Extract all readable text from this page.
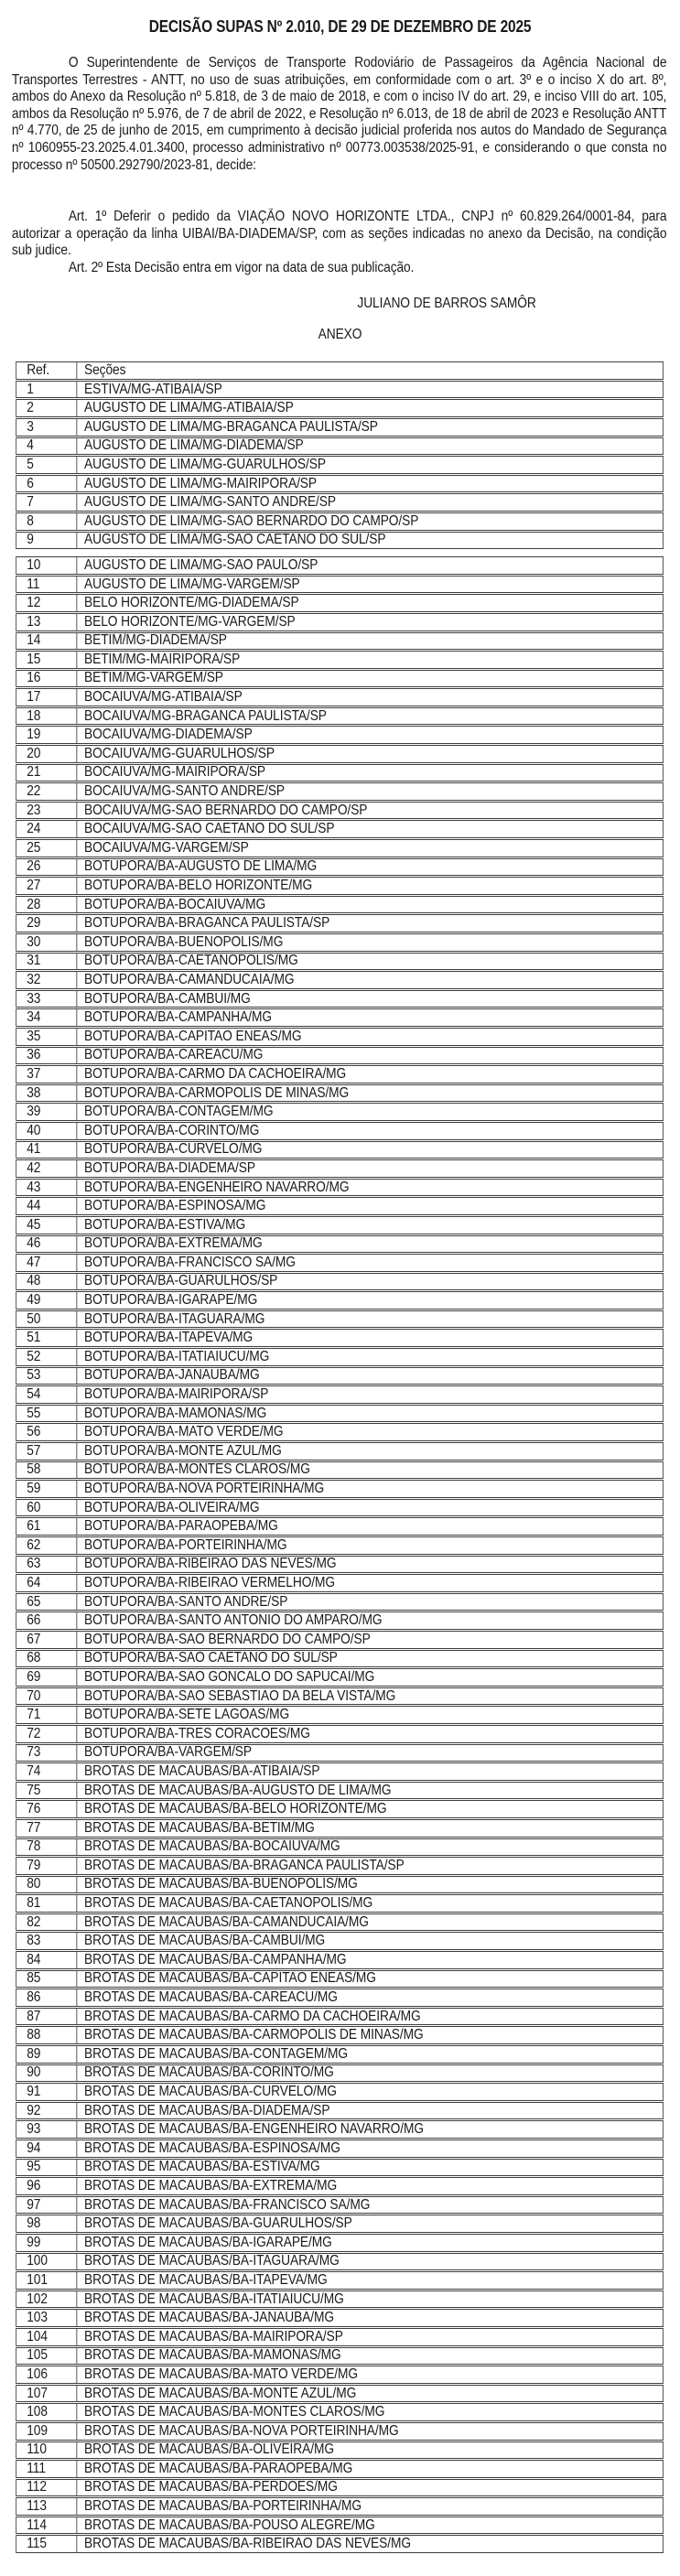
DECISÃO SUPAS Nº 2.010, DE 29 DE DEZEMBRO DE 2025
O Superintendente de Serviços de Transporte Rodoviário de Passageiros da Agência Nacional de Transportes Terrestres - ANTT, no uso de suas atribuições, em conformidade com o art. 3º e o inciso X do art. 8º, ambos do Anexo da Resolução nº 5.818, de 3 de maio de 2018, e com o inciso IV do art. 29, e inciso VIII do art. 105, ambos da Resolução nº 5.976, de 7 de abril de 2022, e Resolução nº 6.013, de 18 de abril de 2023 e Resolução ANTT nº 4.770, de 25 de junho de 2015, em cumprimento à decisão judicial proferida nos autos do Mandado de Segurança nº 1060955-23.2025.4.01.3400, processo administrativo nº 00773.003538/2025-91, e considerando o que consta no processo nº 50500.292790/2023-81, decide:
Art. 1º Deferir o pedido da VIAÇÃO NOVO HORIZONTE LTDA., CNPJ nº 60.829.264/0001-84, para autorizar a operação da linha UIBAI/BA-DIADEMA/SP, com as seções indicadas no anexo da Decisão, na condição sub judice.
Art. 2º Esta Decisão entra em vigor na data de sua publicação.
JULIANO DE BARROS SAMÔR
ANEXO
Ref.	Seções
1	ESTIVA/MG-ATIBAIA/SP
2	AUGUSTO DE LIMA/MG-ATIBAIA/SP
3	AUGUSTO DE LIMA/MG-BRAGANCA PAULISTA/SP
4	AUGUSTO DE LIMA/MG-DIADEMA/SP
5	AUGUSTO DE LIMA/MG-GUARULHOS/SP
6	AUGUSTO DE LIMA/MG-MAIRIPORA/SP
7	AUGUSTO DE LIMA/MG-SANTO ANDRE/SP
8	AUGUSTO DE LIMA/MG-SAO BERNARDO DO CAMPO/SP
9	AUGUSTO DE LIMA/MG-SAO CAETANO DO SUL/SP
10	AUGUSTO DE LIMA/MG-SAO PAULO/SP
11	AUGUSTO DE LIMA/MG-VARGEM/SP
12	BELO HORIZONTE/MG-DIADEMA/SP
13	BELO HORIZONTE/MG-VARGEM/SP
14	BETIM/MG-DIADEMA/SP
15	BETIM/MG-MAIRIPORA/SP
16	BETIM/MG-VARGEM/SP
17	BOCAIUVA/MG-ATIBAIA/SP
18	BOCAIUVA/MG-BRAGANCA PAULISTA/SP
19	BOCAIUVA/MG-DIADEMA/SP
20	BOCAIUVA/MG-GUARULHOS/SP
21	BOCAIUVA/MG-MAIRIPORA/SP
22	BOCAIUVA/MG-SANTO ANDRE/SP
23	BOCAIUVA/MG-SAO BERNARDO DO CAMPO/SP
24	BOCAIUVA/MG-SAO CAETANO DO SUL/SP
25	BOCAIUVA/MG-VARGEM/SP
26	BOTUPORA/BA-AUGUSTO DE LIMA/MG
27	BOTUPORA/BA-BELO HORIZONTE/MG
28	BOTUPORA/BA-BOCAIUVA/MG
29	BOTUPORA/BA-BRAGANCA PAULISTA/SP
30	BOTUPORA/BA-BUENOPOLIS/MG
31	BOTUPORA/BA-CAETANOPOLIS/MG
32	BOTUPORA/BA-CAMANDUCAIA/MG
33	BOTUPORA/BA-CAMBUI/MG
34	BOTUPORA/BA-CAMPANHA/MG
35	BOTUPORA/BA-CAPITAO ENEAS/MG
36	BOTUPORA/BA-CAREACU/MG
37	BOTUPORA/BA-CARMO DA CACHOEIRA/MG
38	BOTUPORA/BA-CARMOPOLIS DE MINAS/MG
39	BOTUPORA/BA-CONTAGEM/MG
40	BOTUPORA/BA-CORINTO/MG
41	BOTUPORA/BA-CURVELO/MG
42	BOTUPORA/BA-DIADEMA/SP
43	BOTUPORA/BA-ENGENHEIRO NAVARRO/MG
44	BOTUPORA/BA-ESPINOSA/MG
45	BOTUPORA/BA-ESTIVA/MG
46	BOTUPORA/BA-EXTREMA/MG
47	BOTUPORA/BA-FRANCISCO SA/MG
48	BOTUPORA/BA-GUARULHOS/SP
49	BOTUPORA/BA-IGARAPE/MG
50	BOTUPORA/BA-ITAGUARA/MG
51	BOTUPORA/BA-ITAPEVA/MG
52	BOTUPORA/BA-ITATIAIUCU/MG
53	BOTUPORA/BA-JANAUBA/MG
54	BOTUPORA/BA-MAIRIPORA/SP
55	BOTUPORA/BA-MAMONAS/MG
56	BOTUPORA/BA-MATO VERDE/MG
57	BOTUPORA/BA-MONTE AZUL/MG
58	BOTUPORA/BA-MONTES CLAROS/MG
59	BOTUPORA/BA-NOVA PORTEIRINHA/MG
60	BOTUPORA/BA-OLIVEIRA/MG
61	BOTUPORA/BA-PARAOPEBA/MG
62	BOTUPORA/BA-PORTEIRINHA/MG
63	BOTUPORA/BA-RIBEIRAO DAS NEVES/MG
64	BOTUPORA/BA-RIBEIRAO VERMELHO/MG
65	BOTUPORA/BA-SANTO ANDRE/SP
66	BOTUPORA/BA-SANTO ANTONIO DO AMPARO/MG
67	BOTUPORA/BA-SAO BERNARDO DO CAMPO/SP
68	BOTUPORA/BA-SAO CAETANO DO SUL/SP
69	BOTUPORA/BA-SAO GONCALO DO SAPUCAI/MG
70	BOTUPORA/BA-SAO SEBASTIAO DA BELA VISTA/MG
71	BOTUPORA/BA-SETE LAGOAS/MG
72	BOTUPORA/BA-TRES CORACOES/MG
73	BOTUPORA/BA-VARGEM/SP
74	BROTAS DE MACAUBAS/BA-ATIBAIA/SP
75	BROTAS DE MACAUBAS/BA-AUGUSTO DE LIMA/MG
76	BROTAS DE MACAUBAS/BA-BELO HORIZONTE/MG
77	BROTAS DE MACAUBAS/BA-BETIM/MG
78	BROTAS DE MACAUBAS/BA-BOCAIUVA/MG
79	BROTAS DE MACAUBAS/BA-BRAGANCA PAULISTA/SP
80	BROTAS DE MACAUBAS/BA-BUENOPOLIS/MG
81	BROTAS DE MACAUBAS/BA-CAETANOPOLIS/MG
82	BROTAS DE MACAUBAS/BA-CAMANDUCAIA/MG
83	BROTAS DE MACAUBAS/BA-CAMBUI/MG
84	BROTAS DE MACAUBAS/BA-CAMPANHA/MG
85	BROTAS DE MACAUBAS/BA-CAPITAO ENEAS/MG
86	BROTAS DE MACAUBAS/BA-CAREACU/MG
87	BROTAS DE MACAUBAS/BA-CARMO DA CACHOEIRA/MG
88	BROTAS DE MACAUBAS/BA-CARMOPOLIS DE MINAS/MG
89	BROTAS DE MACAUBAS/BA-CONTAGEM/MG
90	BROTAS DE MACAUBAS/BA-CORINTO/MG
91	BROTAS DE MACAUBAS/BA-CURVELO/MG
92	BROTAS DE MACAUBAS/BA-DIADEMA/SP
93	BROTAS DE MACAUBAS/BA-ENGENHEIRO NAVARRO/MG
94	BROTAS DE MACAUBAS/BA-ESPINOSA/MG
95	BROTAS DE MACAUBAS/BA-ESTIVA/MG
96	BROTAS DE MACAUBAS/BA-EXTREMA/MG
97	BROTAS DE MACAUBAS/BA-FRANCISCO SA/MG
98	BROTAS DE MACAUBAS/BA-GUARULHOS/SP
99	BROTAS DE MACAUBAS/BA-IGARAPE/MG
100	BROTAS DE MACAUBAS/BA-ITAGUARA/MG
101	BROTAS DE MACAUBAS/BA-ITAPEVA/MG
102	BROTAS DE MACAUBAS/BA-ITATIAIUCU/MG
103	BROTAS DE MACAUBAS/BA-JANAUBA/MG
104	BROTAS DE MACAUBAS/BA-MAIRIPORA/SP
105	BROTAS DE MACAUBAS/BA-MAMONAS/MG
106	BROTAS DE MACAUBAS/BA-MATO VERDE/MG
107	BROTAS DE MACAUBAS/BA-MONTE AZUL/MG
108	BROTAS DE MACAUBAS/BA-MONTES CLAROS/MG
109	BROTAS DE MACAUBAS/BA-NOVA PORTEIRINHA/MG
110	BROTAS DE MACAUBAS/BA-OLIVEIRA/MG
111	BROTAS DE MACAUBAS/BA-PARAOPEBA/MG
112	BROTAS DE MACAUBAS/BA-PERDOES/MG
113	BROTAS DE MACAUBAS/BA-PORTEIRINHA/MG
114	BROTAS DE MACAUBAS/BA-POUSO ALEGRE/MG
115	BROTAS DE MACAUBAS/BA-RIBEIRAO DAS NEVES/MG
